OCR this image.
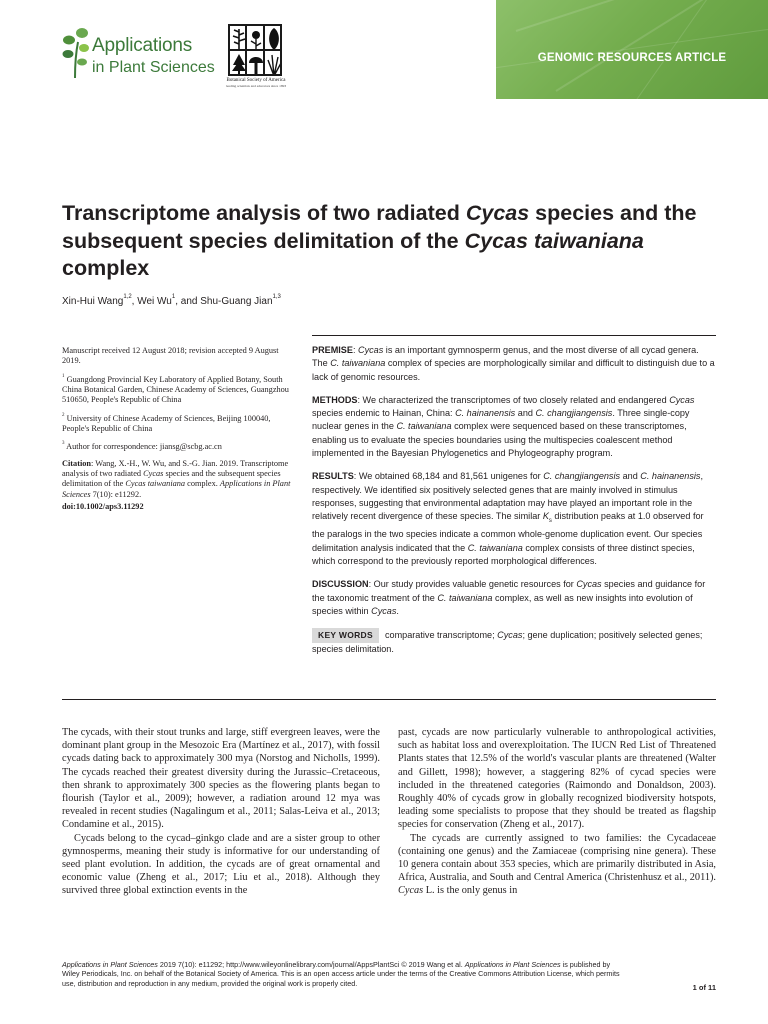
Applications
in Plant Sciences
Botanical Society of America
leading scientists and educators since 1893
GENOMIC RESOURCES ARTICLE
Transcriptome analysis of two radiated Cycas species and the subsequent species delimitation of the Cycas taiwaniana complex
Xin-Hui Wang$^{1,2}$, Wei Wu$^1$, and Shu-Guang Jian$^{1,3}$

Manuscript received 12 August 2018; revision accepted 9 August 2019.

$^1$ Guangdong Provincial Key Laboratory of Applied Botany, South China Botanical Garden, Chinese Academy of Sciences, Guangzhou 510650, People's Republic of China

$^2$ University of Chinese Academy of Sciences, Beijing 100040, People's Republic of China

$^3$ Author for correspondence: jiansg@scbg.ac.cn

Citation: Wang, X.-H., W. Wu, and S.-G. Jian. 2019. Transcriptome analysis of two radiated Cycas species and the subsequent species delimitation of the Cycas taiwaniana complex. Applications in Plant Sciences 7(10): e11292.

doi:10.1002/aps3.11292

PREMISE: Cycas is an important gymnosperm genus, and the most diverse of all cycad genera. The C. taiwaniana complex of species are morphologically similar and difficult to distinguish due to a lack of genomic resources.

METHODS: We characterized the transcriptomes of two closely related and endangered Cycas species endemic to Hainan, China: C. hainanensis and C. changjiangensis. Three single-copy nuclear genes in the C. taiwaniana complex were sequenced based on these transcriptomes, enabling us to evaluate the species boundaries using the multispecies coalescent method implemented in the Bayesian Phylogenetics and Phylogeography program.

RESULTS: We obtained 68,184 and 81,561 unigenes for C. changjiangensis and C. hainanensis, respectively. We identified six positively selected genes that are mainly involved in stimulus responses, suggesting that environmental adaptation may have played an important role in the relatively recent divergence of these species. The similar $K_s$ distribution peaks at 1.0 observed for the paralogs in the two species indicate a common whole-genome duplication event. Our species delimitation analysis indicated that the C. taiwaniana complex consists of three distinct species, which correspond to the previously reported morphological differences.

DISCUSSION: Our study provides valuable genetic resources for Cycas species and guidance for the taxonomic treatment of the C. taiwaniana complex, as well as new insights into evolution of species within Cycas.

KEY WORDS comparative transcriptome; Cycas; gene duplication; positively selected genes; species delimitation.

The cycads, with their stout trunks and large, stiff evergreen leaves, were the dominant plant group in the Mesozoic Era (Martínez et al., 2017), with fossil cycads dating back to approximately 300 mya (Norstog and Nicholls, 1999). The cycads reached their greatest diversity during the Jurassic–Cretaceous, then shrank to approximately 300 species as the flowering plants began to flourish (Taylor et al., 2009); however, a radiation around 12 mya was revealed in recent studies (Nagalingum et al., 2011; Salas-Leiva et al., 2013; Condamine et al., 2015).

Cycads belong to the cycad–ginkgo clade and are a sister group to other gymnosperms, meaning their study is informative for our understanding of seed plant evolution. In addition, the cycads are of great ornamental and economic value (Zheng et al., 2017; Liu et al., 2018). Although they survived three global extinction events in the

past, cycads are now particularly vulnerable to anthropological activities, such as habitat loss and overexploitation. The IUCN Red List of Threatened Plants states that 12.5% of the world's vascular plants are threatened (Walter and Gillett, 1998); however, a staggering 82% of cycad species were included in the threatened categories (Raimondo and Donaldson, 2003). Roughly 40% of cycads grow in globally recognized biodiversity hotspots, leading some specialists to propose that they should be treated as flagship species for conservation (Zheng et al., 2017).

The cycads are currently assigned to two families: the Cycadaceae (containing one genus) and the Zamiaceae (comprising nine genera). These 10 genera contain about 353 species, which are primarily distributed in Asia, Africa, Australia, and South and Central America (Christenhusz et al., 2011). Cycas L. is the only genus in

Applications in Plant Sciences 2019 7(10): e11292; http://www.wileyonlinelibrary.com/journal/AppsPlantSci © 2019 Wang et al. Applications in Plant Sciences is published by Wiley Periodicals, Inc. on behalf of the Botanical Society of America. This is an open access article under the terms of the Creative Commons Attribution License, which permits use, distribution and reproduction in any medium, provided the original work is properly cited.	1 of 11
